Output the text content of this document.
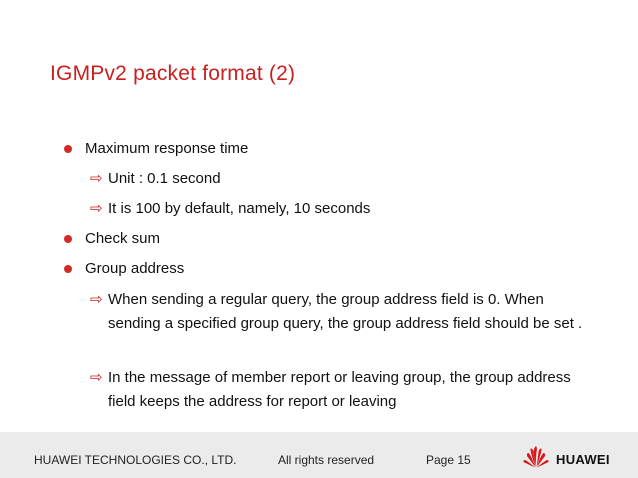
IGMPv2 packet format (2)
Maximum response time
⇨ Unit : 0.1 second
⇨ It is 100 by default, namely, 10 seconds
Check sum
Group address
⇨ When sending a regular query, the group address field is 0. When sending a specified group query, the group address field should be set .
⇨ In the message of member report or leaving group, the group address field keeps the address for report or leaving
HUAWEI TECHNOLOGIES CO., LTD.	All rights reserved	Page 15	HUAWEI
